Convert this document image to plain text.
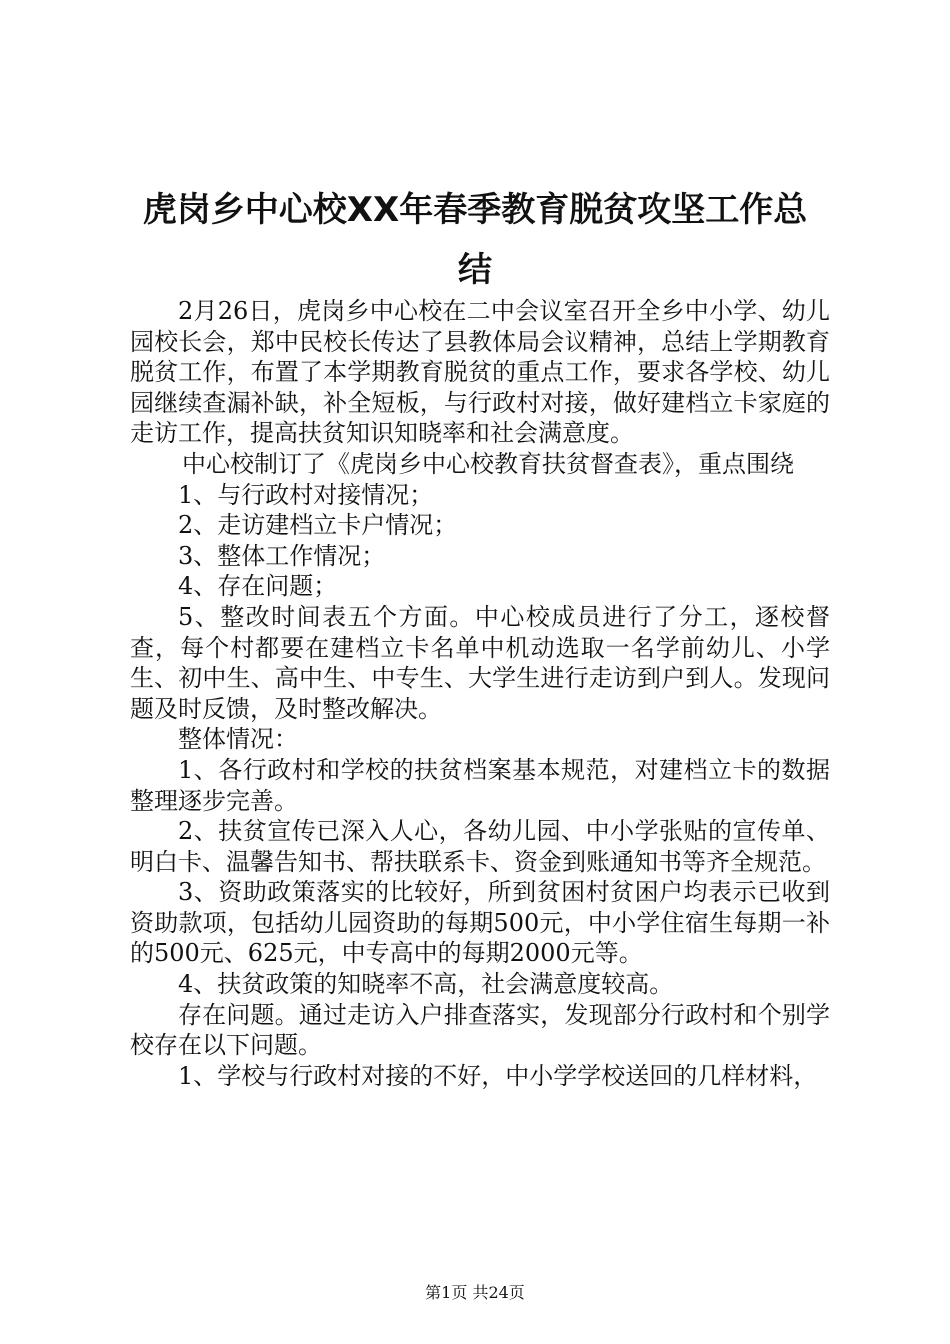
虎岗乡中心校XX年春季教育脱贫攻坚工作总
结

2月26日，虎岗乡中心校在二中会议室召开全乡中小学、幼儿园校长会，郑中民校长传达了县教体局会议精神，总结上学期教育脱贫工作，布置了本学期教育脱贫的重点工作，要求各学校、幼儿园继续查漏补缺，补全短板，与行政村对接，做好建档立卡家庭的走访工作，提高扶贫知识知晓率和社会满意度。

中心校制订了《虎岗乡中心校教育扶贫督查表》，重点围绕

1、与行政村对接情况；

2、走访建档立卡户情况；

3、整体工作情况；

4、存在问题；

5、整改时间表五个方面。中心校成员进行了分工，逐校督查，每个村都要在建档立卡名单中机动选取一名学前幼儿、小学生、初中生、高中生、中专生、大学生进行走访到户到人。发现问题及时反馈，及时整改解决。

整体情况：

1、各行政村和学校的扶贫档案基本规范，对建档立卡的数据整理逐步完善。

2、扶贫宣传已深入人心，各幼儿园、中小学张贴的宣传单、明白卡、温馨告知书、帮扶联系卡、资金到账通知书等齐全规范。

3、资助政策落实的比较好，所到贫困村贫困户均表示已收到资助款项，包括幼儿园资助的每期500元，中小学住宿生每期一补的500元、625元，中专高中的每期2000元等。

4、扶贫政策的知晓率不高，社会满意度较高。

存在问题。通过走访入户排查落实，发现部分行政村和个别学校存在以下问题。

1、学校与行政村对接的不好，中小学学校送回的几样材料，

第1页 共24页
